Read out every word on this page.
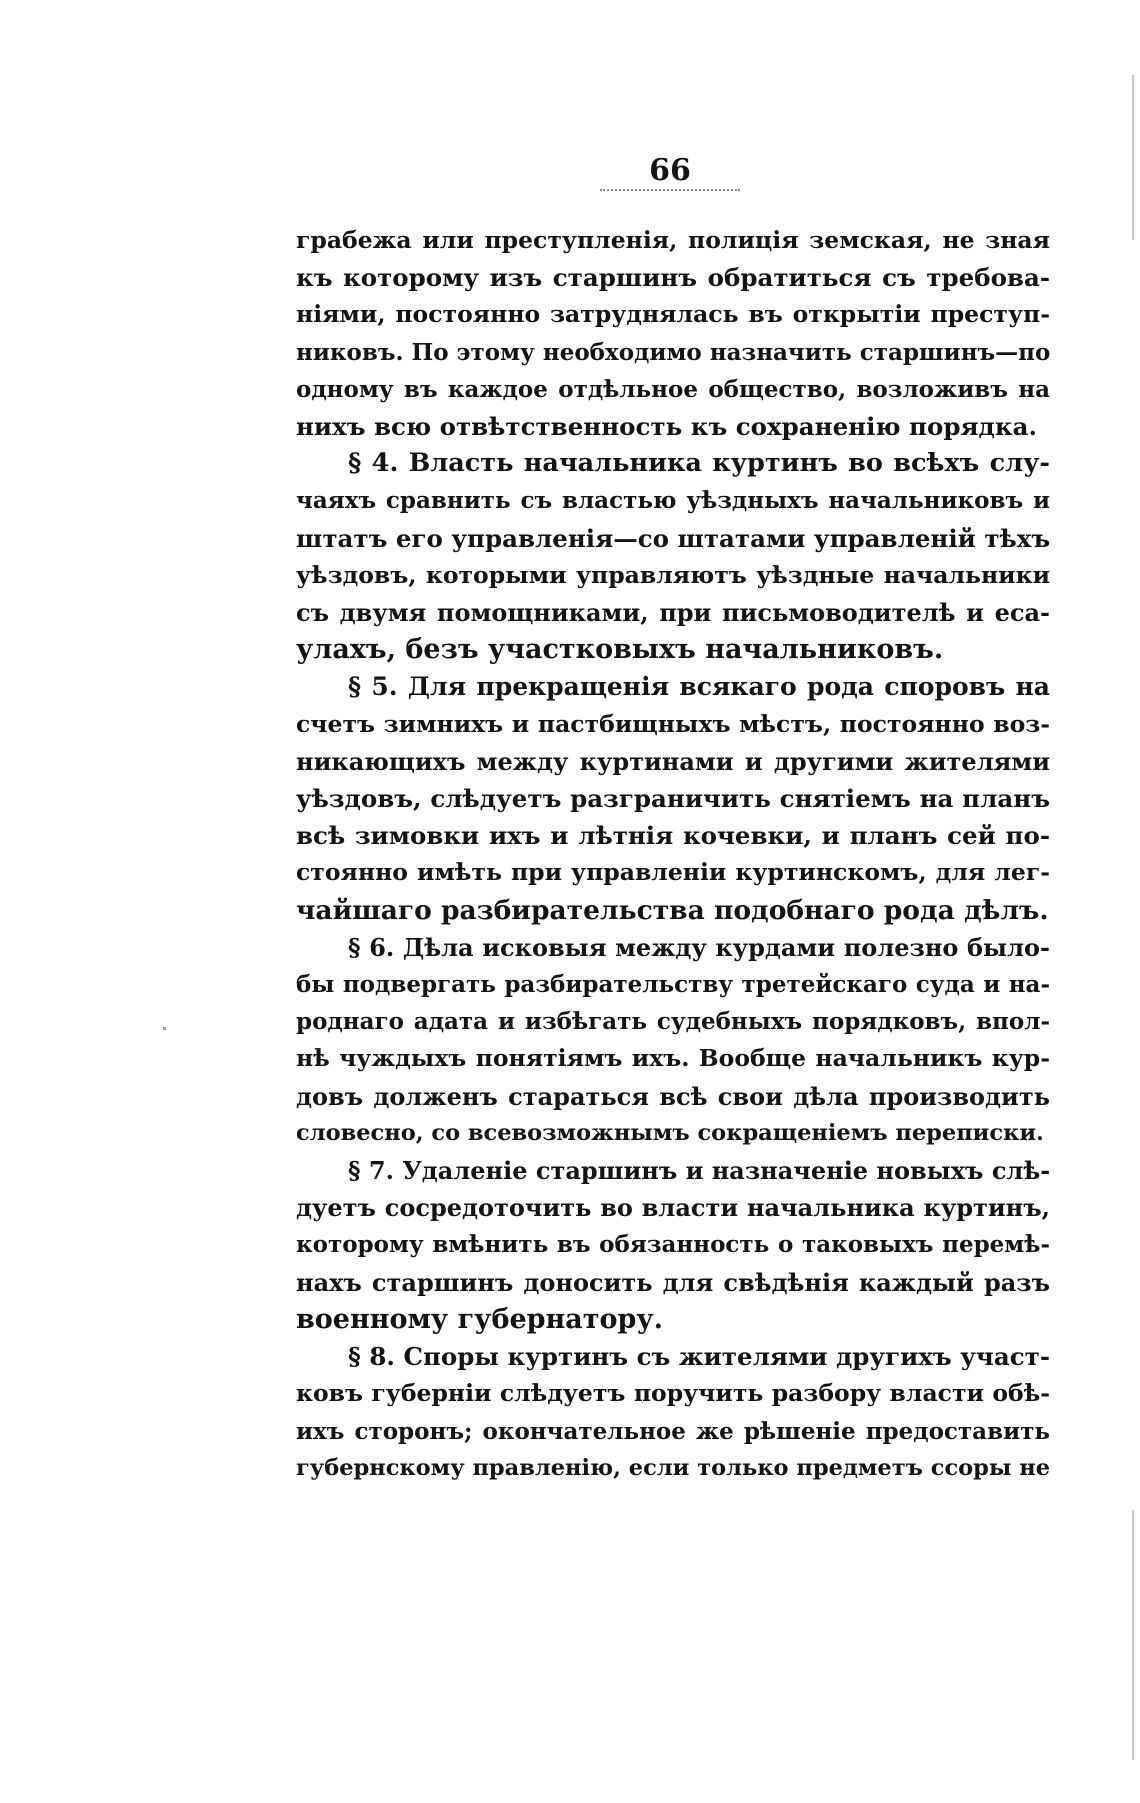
66

грабежа или преступленія, полиція земская, не зная

къ которому изъ старшинъ обратиться съ требова-

ніями, постоянно затруднялась въ открытіи преступ-

никовъ. По этому необходимо назначить старшинъ—по

одному въ каждое отдѣльное общество, возложивъ на

нихъ всю отвѣтственность къ сохраненію порядка.

§ 4. Власть начальника куртинъ во всѣхъ слу-

чаяхъ сравнить съ властью уѣздныхъ начальниковъ и

штатъ его управленія—со штатами управленій тѣхъ

уѣздовъ, которыми управляютъ уѣздные начальники

съ двумя помощниками, при письмоводителѣ и еса-

улахъ, безъ участковыхъ начальниковъ.

§ 5. Для прекращенія всякаго рода споровъ на

счетъ зимнихъ и пастбищныхъ мѣстъ, постоянно воз-

никающихъ между куртинами и другими жителями

уѣздовъ, слѣдуетъ разграничить снятіемъ на планъ

всѣ зимовки ихъ и лѣтнія кочевки, и планъ сей по-

стоянно имѣть при управленіи куртинскомъ, для лег-

чайшаго разбирательства подобнаго рода дѣлъ.

§ 6. Дѣла исковыя между курдами полезно было-

бы подвергать разбирательству третейскаго суда и на-

роднаго адата и избѣгать судебныхъ порядковъ, впол-

нѣ чуждыхъ понятіямъ ихъ. Вообще начальникъ кур-

довъ долженъ стараться всѣ свои дѣла производить

словесно, со всевозможнымъ сокращеніемъ переписки.

§ 7. Удаленіе старшинъ и назначеніе новыхъ слѣ-

дуетъ сосредоточить во власти начальника куртинъ,

которому вмѣнить въ обязанность о таковыхъ перемѣ-

нахъ старшинъ доносить для свѣдѣнія каждый разъ

военному губернатору.

§ 8. Споры куртинъ съ жителями другихъ участ-

ковъ губерніи слѣдуетъ поручить разбору власти обѣ-

ихъ сторонъ; окончательное же рѣшеніе предоставить

губернскому правленію, если только предметъ ссоры не
